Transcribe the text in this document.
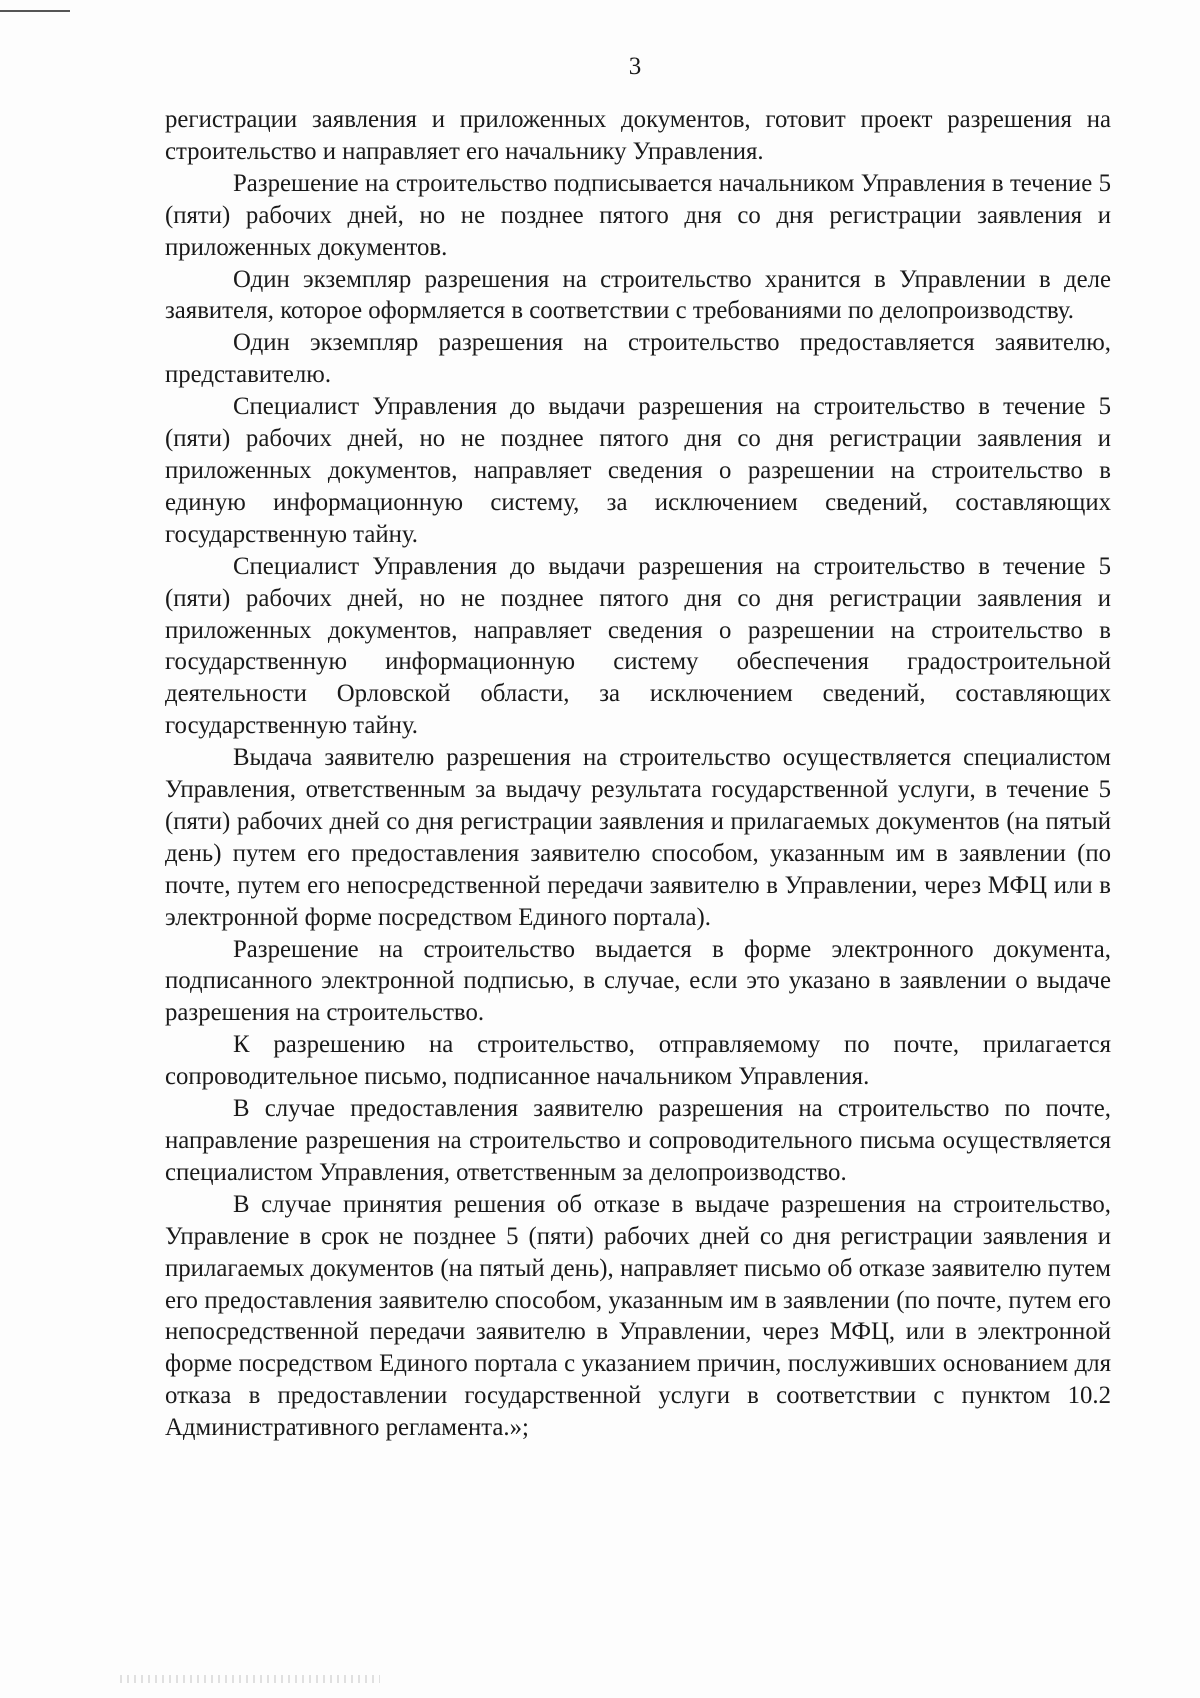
3

регистрации заявления и приложенных документов, готовит проект разрешения на строительство и направляет его начальнику Управления.

Разрешение на строительство подписывается начальником Управления в течение 5 (пяти) рабочих дней, но не позднее пятого дня со дня регистрации заявления и приложенных документов.

Один экземпляр разрешения на строительство хранится в Управлении в деле заявителя, которое оформляется в соответствии с требованиями по делопроизводству.

Один экземпляр разрешения на строительство предоставляется заявителю, представителю.

Специалист Управления до выдачи разрешения на строительство в течение 5 (пяти) рабочих дней, но не позднее пятого дня со дня регистрации заявления и приложенных документов, направляет сведения о разрешении на строительство в единую информационную систему, за исключением сведений, составляющих государственную тайну.

Специалист Управления до выдачи разрешения на строительство в течение 5 (пяти) рабочих дней, но не позднее пятого дня со дня регистрации заявления и приложенных документов, направляет сведения о разрешении на строительство в государственную информационную систему обеспечения градостроительной деятельности Орловской области, за исключением сведений, составляющих государственную тайну.

Выдача заявителю разрешения на строительство осуществляется специалистом Управления, ответственным за выдачу результата государственной услуги, в течение 5 (пяти) рабочих дней со дня регистрации заявления и прилагаемых документов (на пятый день) путем его предоставления заявителю способом, указанным им в заявлении (по почте, путем его непосредственной передачи заявителю в Управлении, через МФЦ или в электронной форме посредством Единого портала).

Разрешение на строительство выдается в форме электронного документа, подписанного электронной подписью, в случае, если это указано в заявлении о выдаче разрешения на строительство.

К разрешению на строительство, отправляемому по почте, прилагается сопроводительное письмо, подписанное начальником Управления.

В случае предоставления заявителю разрешения на строительство по почте, направление разрешения на строительство и сопроводительного письма осуществляется специалистом Управления, ответственным за делопроизводство.

В случае принятия решения об отказе в выдаче разрешения на строительство, Управление в срок не позднее 5 (пяти) рабочих дней со дня регистрации заявления и прилагаемых документов (на пятый день), направляет письмо об отказе заявителю путем его предоставления заявителю способом, указанным им в заявлении (по почте, путем его непосредственной передачи заявителю в Управлении, через МФЦ, или в электронной форме посредством Единого портала с указанием причин, послуживших основанием для отказа в предоставлении государственной услуги в соответствии с пунктом 10.2 Административного регламента.»;
